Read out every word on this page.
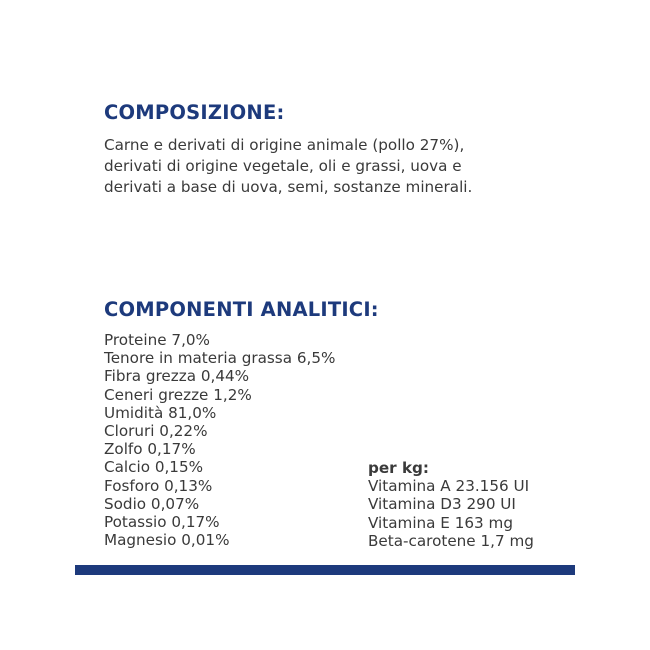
COMPOSIZIONE:
Carne e derivati di origine animale (pollo 27%),
derivati di origine vegetale, oli e grassi, uova e
derivati a base di uova, semi, sostanze minerali.
COMPONENTI ANALITICI:
Proteine 7,0%
Tenore in materia grassa 6,5%
Fibra grezza 0,44%
Ceneri grezze 1,2%
Umidità 81,0%
Cloruri 0,22%
Zolfo 0,17%
Calcio 0,15%
Fosforo 0,13%
Sodio 0,07%
Potassio 0,17%
Magnesio 0,01%
per kg:
Vitamina A 23.156 UI
Vitamina D3 290 UI
Vitamina E 163 mg
Beta-carotene 1,7 mg
